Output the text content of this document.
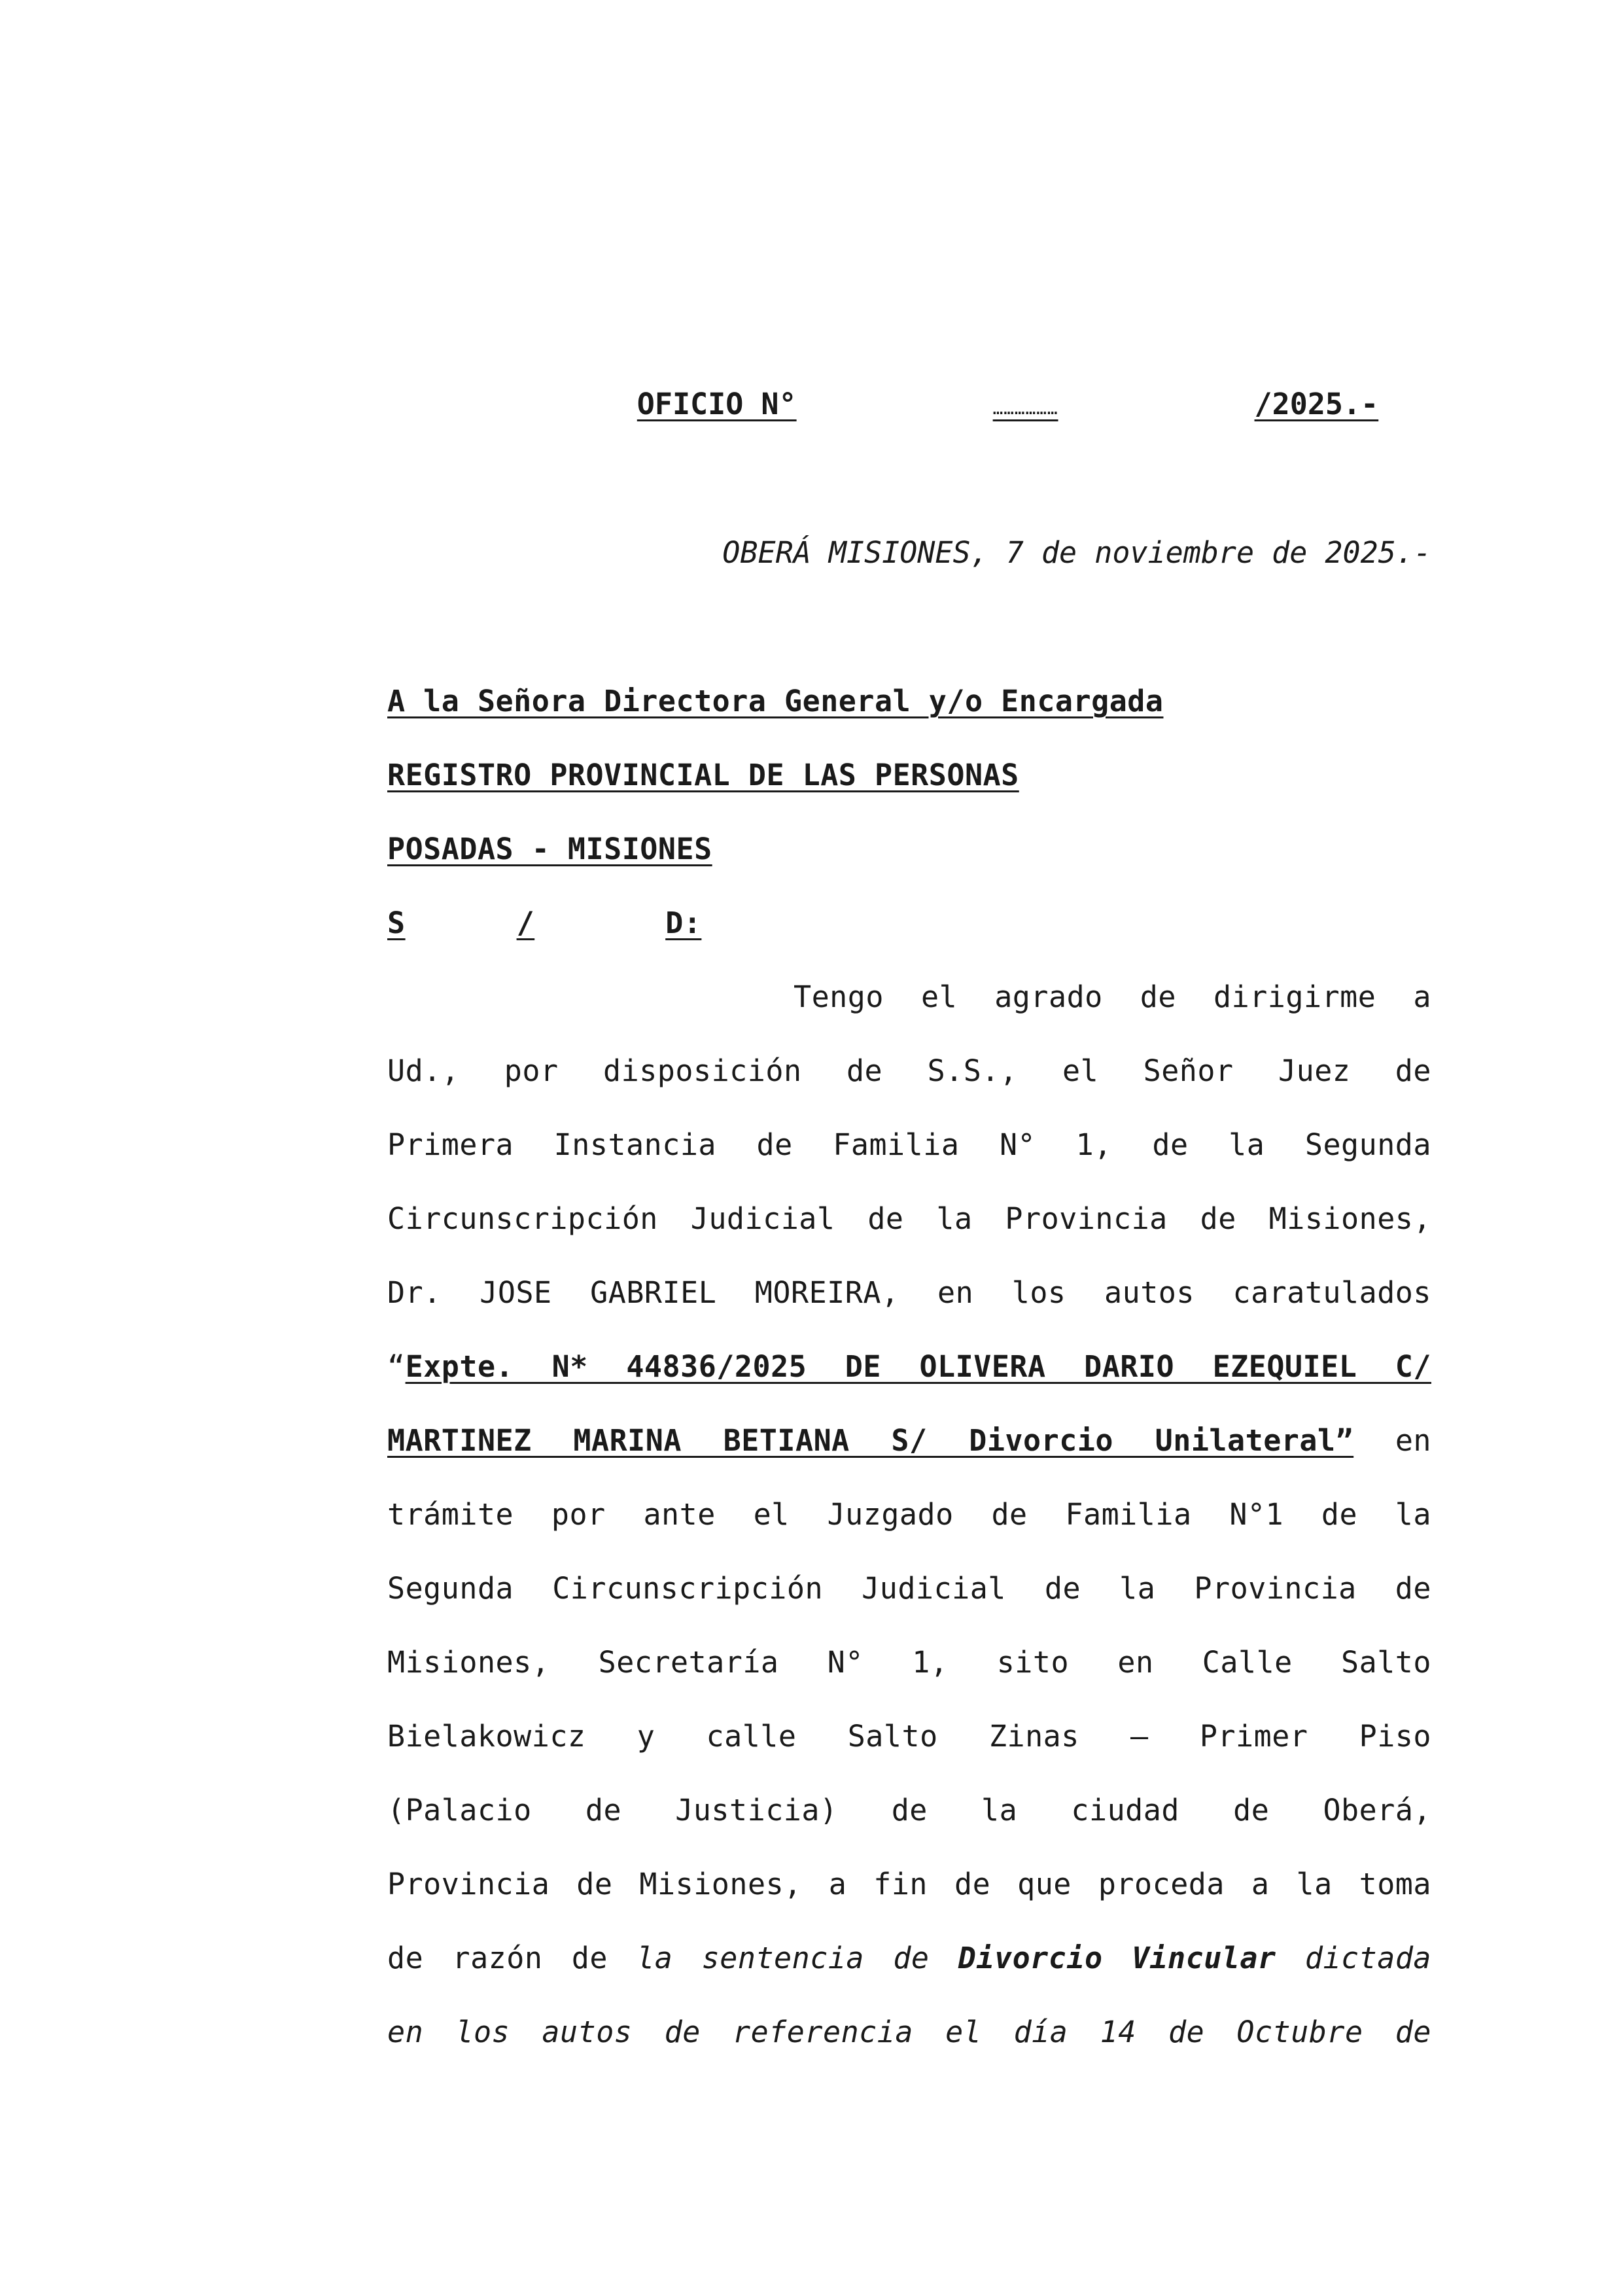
OFICIO N°	………………	/2025.-
OBERÁ MISIONES, 7 de noviembre de 2025.-
A la Señora Directora General y/o Encargada
REGISTRO PROVINCIAL DE LAS PERSONAS
POSADAS - MISIONES
S	/	D:
Tengo el agrado de dirigirme a
Ud., por disposición de S.S., el Señor Juez de
Primera Instancia de Familia N° 1, de la Segunda
Circunscripción Judicial de la Provincia de Misiones,
Dr. JOSE GABRIEL MOREIRA, en los autos caratulados
“Expte. N* 44836/2025 DE OLIVERA DARIO EZEQUIEL C/
MARTINEZ MARINA BETIANA S/ Divorcio Unilateral” en
trámite por ante el Juzgado de Familia N°1 de la
Segunda Circunscripción Judicial de la Provincia de
Misiones, Secretaría N° 1, sito en Calle Salto
Bielakowicz y calle Salto Zinas – Primer Piso
(Palacio de Justicia) de la ciudad de Oberá,
Provincia de Misiones, a fin de que proceda a la toma
de razón de la sentencia de Divorcio Vincular dictada
en los autos de referencia el día 14 de Octubre de
